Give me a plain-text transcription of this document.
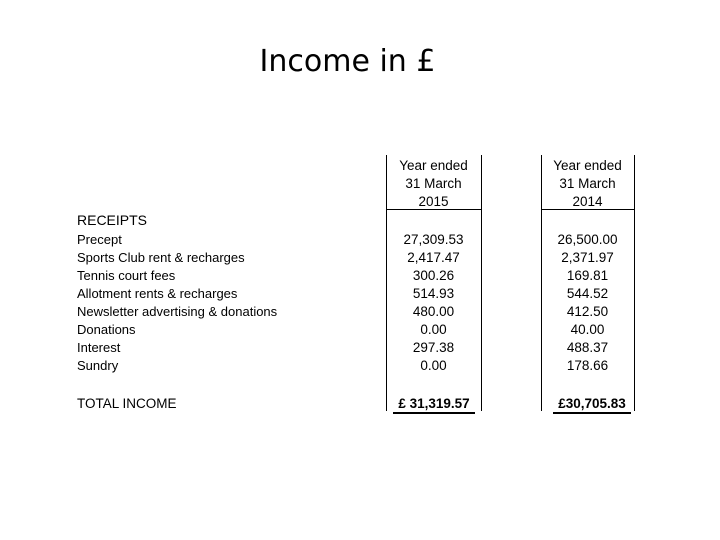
Income in £
Year ended
31 March
2015
Year ended
31 March
2014
RECEIPTS
Precept
Sports Club rent & recharges
Tennis court fees
Allotment rents & recharges
Newsletter advertising & donations
Donations
Interest
Sundry
27,309.53
2,417.47
300.26
514.93
480.00
0.00
297.38
0.00
26,500.00
2,371.97
169.81
544.52
412.50
40.00
488.37
178.66
TOTAL INCOME	£ 31,319.57	£30,705.83
